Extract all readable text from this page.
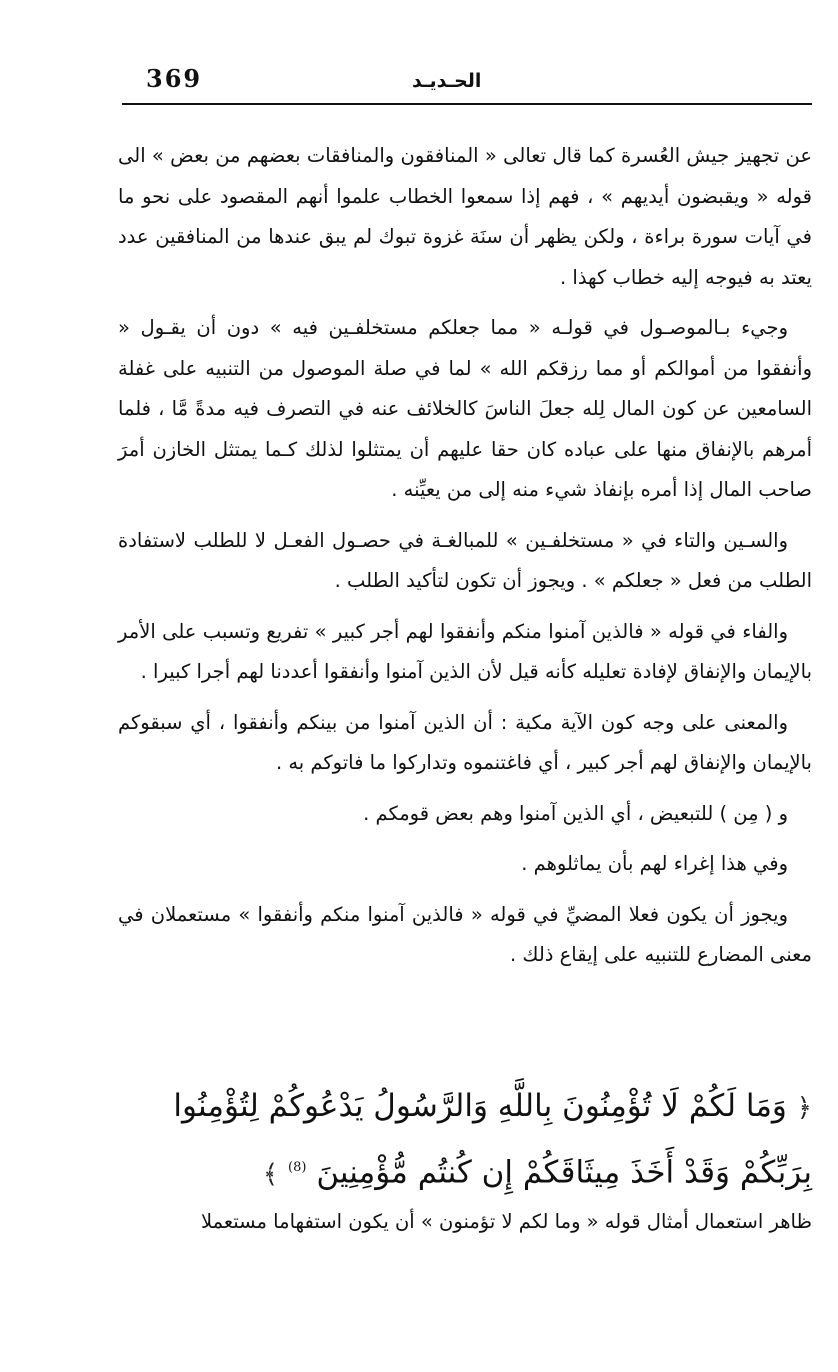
369	الحـديـد

عن تجهيز جيش العُسرة كما قال تعالى « المنافقون والمنافقات بعضهم من بعض » الى قوله « ويقبضون أيديهم » ، فهم إذا سمعوا الخطاب علموا أنهم المقصود على نحو ما في آيات سورة براءة ، ولكن يظهر أن سنَة غزوة تبوك لم يبق عندها من المنافقين عدد يعتد به فيوجه إليه خطاب كهذا .

وجيء بـالموصـول في قولـه « مما جعلكم مستخلفـين فيه » دون أن يقـول « وأنفقوا من أموالكم أو مما رزقكم الله » لما في صلة الموصول من التنبيه على غفلة السامعين عن كون المال لِله جعلَ الناسَ كالخلائف عنه في التصرف فيه مدةً مَّا ، فلما أمرهم بالإنفاق منها على عباده كان حقا عليهم أن يمتثلوا لذلك كـما يمتثل الخازن أمرَ صاحب المال إذا أمره بإنفاذ شيء منه إلى من يعيِّنه .

والسـين والتاء في « مستخلفـين » للمبالغـة في حصـول الفعـل لا للطلب لاستفادة الطلب من فعل « جعلكم » . ويجوز أن تكون لتأكيد الطلب .

والفاء في قوله « فالذين آمنوا منكم وأنفقوا لهم أجر كبير » تفريع وتسبب على الأمر بالإيمان والإنفاق لإفادة تعليله كأنه قيل لأن الذين آمنوا وأنفقوا أعددنا لهم أجرا كبيرا .

والمعنى على وجه كون الآية مكية : أن الذين آمنوا من بينكم وأنفقوا ، أي سبقوكم بالإيمان والإنفاق لهم أجر كبير ، أي فاغتنموه وتداركوا ما فاتوكم به .

و ( مِن ) للتبعيض ، أي الذين آمنوا وهم بعض قومكم .

وفي هذا إغراء لهم بأن يماثلوهم .

ويجوز أن يكون فعلا المضيِّ في قوله « فالذين آمنوا منكم وأنفقوا » مستعملان في معنى المضارع للتنبيه على إيقاع ذلك .

﴿ وَمَا لَكُمْ لَا تُؤْمِنُونَ بِاللَّهِ وَالرَّسُولُ يَدْعُوكُمْ لِتُؤْمِنُوا بِرَبِّكُمْ وَقَدْ أَخَذَ مِيثَاقَكُمْ إِن كُنتُم مُّؤْمِنِينَ $^{(8)}$ ﴾
ظاهر استعمال أمثال قوله « وما لكم لا تؤمنون » أن يكون استفهاما مستعملا
